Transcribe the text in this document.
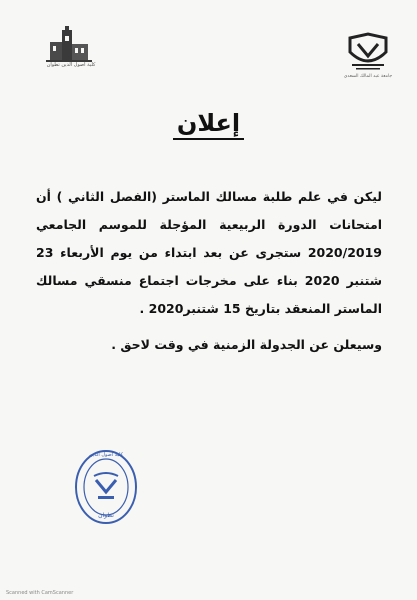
كلية أصول الدين تطوان
جامعة عبد المالك السعدي
إعلان

ليكن في علم طلبة مسالك الماستر (الفصل الثاني ) أن امتحانات الدورة الربيعية المؤجلة للموسم الجامعي 2020/2019 ستجرى عن بعد ابتداء من يوم الأربعاء 23 شتنبر 2020 بناء على مخرجات اجتماع منسقي مسالك الماستر المنعقد بتاريخ 15 شتنبر2020 .

وسيعلن عن الجدولة الزمنية في وقت لاحق .

كلية أصول الدين
تطوان
Scanned with CamScanner
